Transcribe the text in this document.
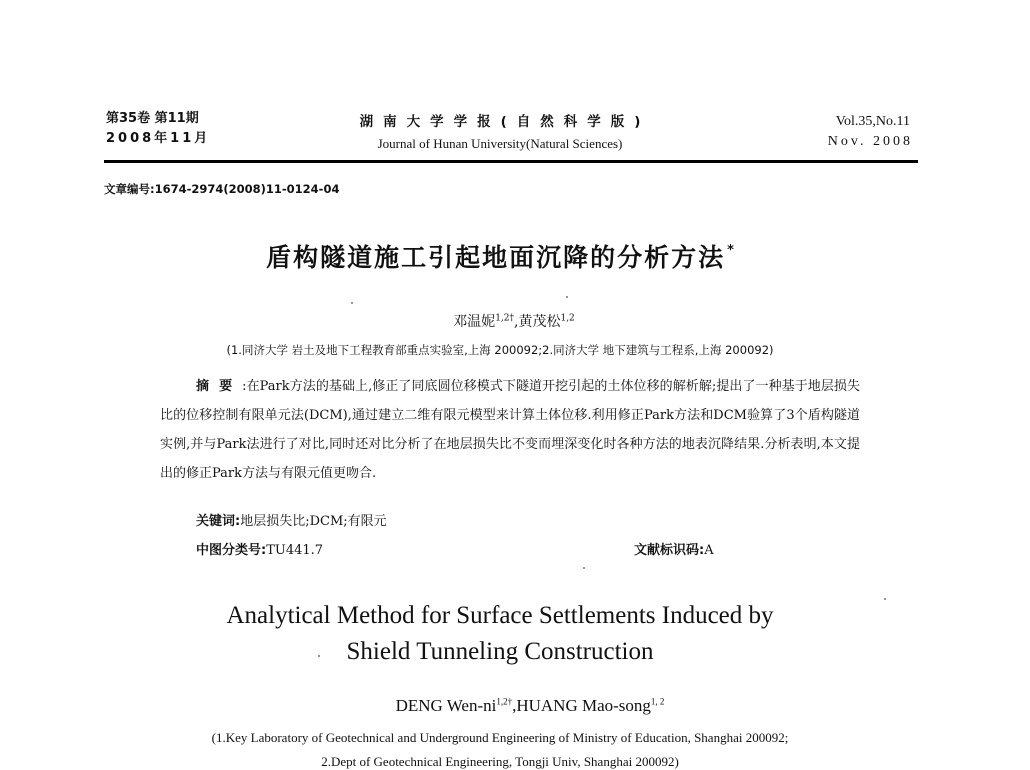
第35卷 第11期
2008年11月
湖南大学学报(自然科学版)
Journal of Hunan University(Natural Sciences)
Vol.35,No.11
Nov. 2008
文章编号:1674-2974(2008)11-0124-04
盾构隧道施工引起地面沉降的分析方法 *
邓温妮$^{1,2\dagger}$,黄茂松$^{1,2}$
(1.同济大学 岩土及地下工程教育部重点实验室,上海 200092;2.同济大学 地下建筑与工程系,上海 200092)
摘要:在Park方法的基础上,修正了同底圆位移模式下隧道开挖引起的土体位移的解析解;提出了一种基于地层损失比的位移控制有限单元法(DCM),通过建立二维有限元模型来计算土体位移.利用修正Park方法和DCM验算了3个盾构隧道实例,并与Park法进行了对比,同时还对比分析了在地层损失比不变而埋深变化时各种方法的地表沉降结果.分析表明,本文提出的修正Park方法与有限元值更吻合.
关键词:地层损失比;DCM;有限元
中图分类号:TU441.7	文献标识码:A
Analytical Method for Surface Settlements Induced by
Shield Tunneling Construction
DENG Wen-$ni^{1,2\dagger},HUANG$ Mao-song$^{1, 2}$
(1.Key Laboratory of Geotechnical and Underground Engineering of Ministry of Education, Shanghai 200092;
2.Dept of Geotechnical Engineering, Tongji Univ, Shanghai 200092)
